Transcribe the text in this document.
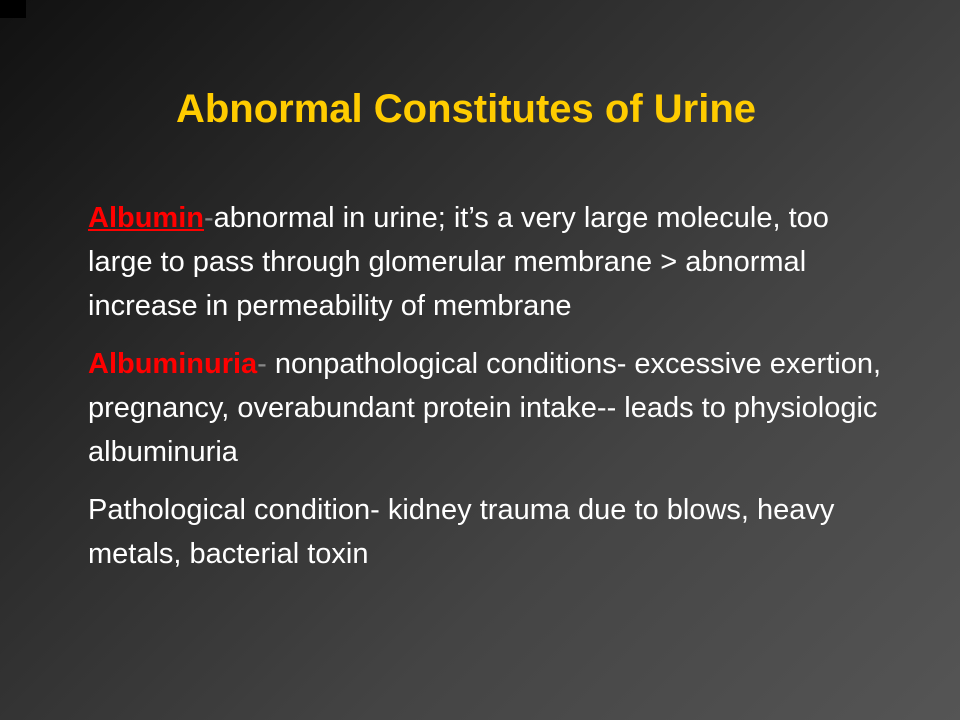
Abnormal Constitutes of Urine

Albumin-abnormal in urine; it’s a very large molecule, too large to pass through glomerular membrane > abnormal increase in permeability of membrane

Albuminuria- nonpathological conditions- excessive exertion, pregnancy, overabundant protein intake-- leads to physiologic albuminuria

Pathological condition- kidney trauma due to blows, heavy metals, bacterial toxin
